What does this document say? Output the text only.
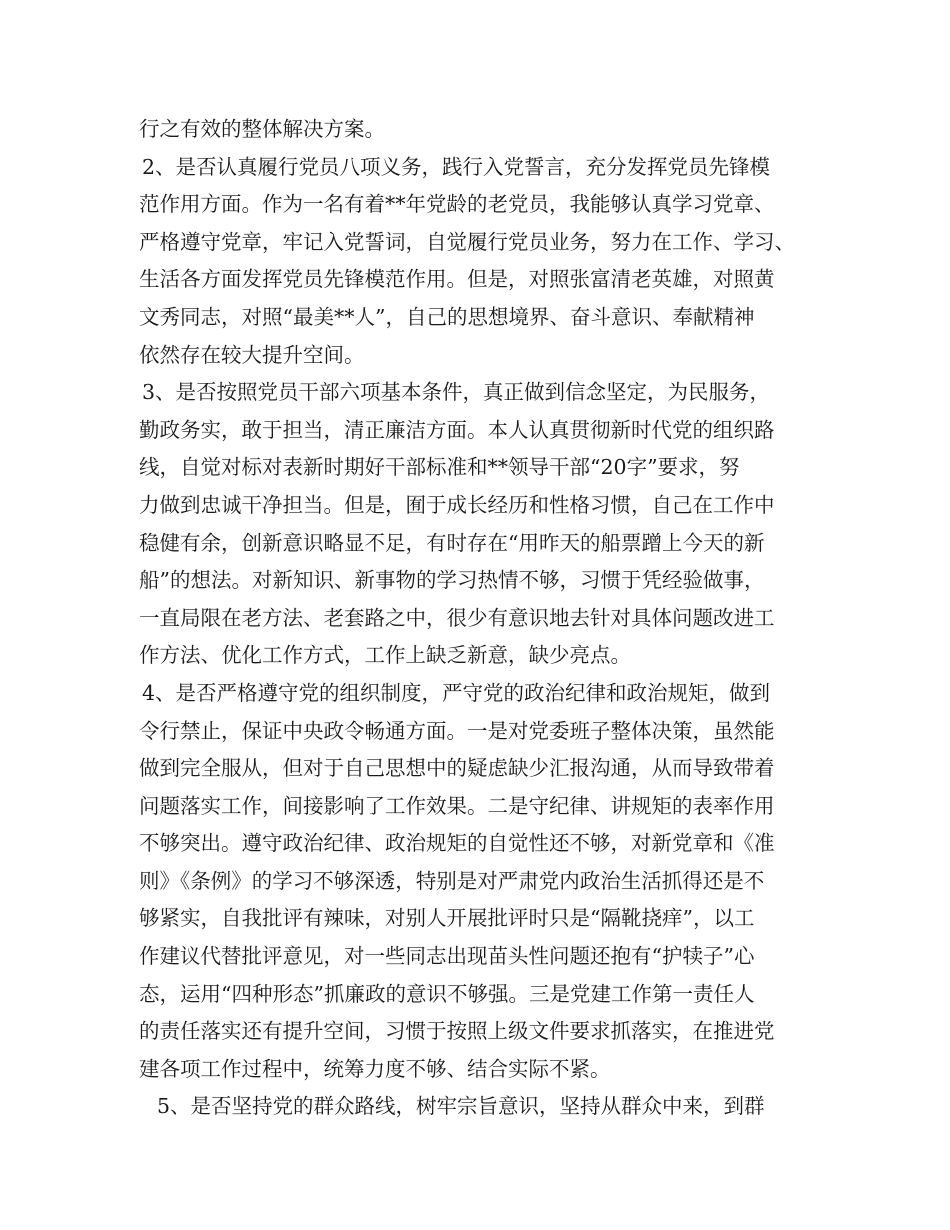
行之有效的整体解决方案。
2、是否认真履行党员八项义务，践行入党誓言，充分发挥党员先锋模
范作用方面。作为一名有着**年党龄的老党员，我能够认真学习党章、
严格遵守党章，牢记入党誓词，自觉履行党员业务，努力在工作、学习、
生活各方面发挥党员先锋模范作用。但是，对照张富清老英雄，对照黄
文秀同志，对照“最美**人”，自己的思想境界、奋斗意识、奉献精神
依然存在较大提升空间。
3、是否按照党员干部六项基本条件，真正做到信念坚定，为民服务，
勤政务实，敢于担当，清正廉洁方面。本人认真贯彻新时代党的组织路
线，自觉对标对表新时期好干部标准和**领导干部“20字”要求，努
力做到忠诚干净担当。但是，囿于成长经历和性格习惯，自己在工作中
稳健有余，创新意识略显不足，有时存在“用昨天的船票蹭上今天的新
船”的想法。对新知识、新事物的学习热情不够，习惯于凭经验做事，
一直局限在老方法、老套路之中，很少有意识地去针对具体问题改进工
作方法、优化工作方式，工作上缺乏新意，缺少亮点。
4、是否严格遵守党的组织制度，严守党的政治纪律和政治规矩，做到
令行禁止，保证中央政令畅通方面。一是对党委班子整体决策，虽然能
做到完全服从，但对于自己思想中的疑虑缺少汇报沟通，从而导致带着
问题落实工作，间接影响了工作效果。二是守纪律、讲规矩的表率作用
不够突出。遵守政治纪律、政治规矩的自觉性还不够，对新党章和《准
则》《条例》的学习不够深透，特别是对严肃党内政治生活抓得还是不
够紧实，自我批评有辣味，对别人开展批评时只是“隔靴挠痒”，以工
作建议代替批评意见，对一些同志出现苗头性问题还抱有“护犊子”心
态，运用“四种形态”抓廉政的意识不够强。三是党建工作第一责任人
的责任落实还有提升空间，习惯于按照上级文件要求抓落实，在推进党
建各项工作过程中，统筹力度不够、结合实际不紧。
5、是否坚持党的群众路线，树牢宗旨意识，坚持从群众中来，到群
